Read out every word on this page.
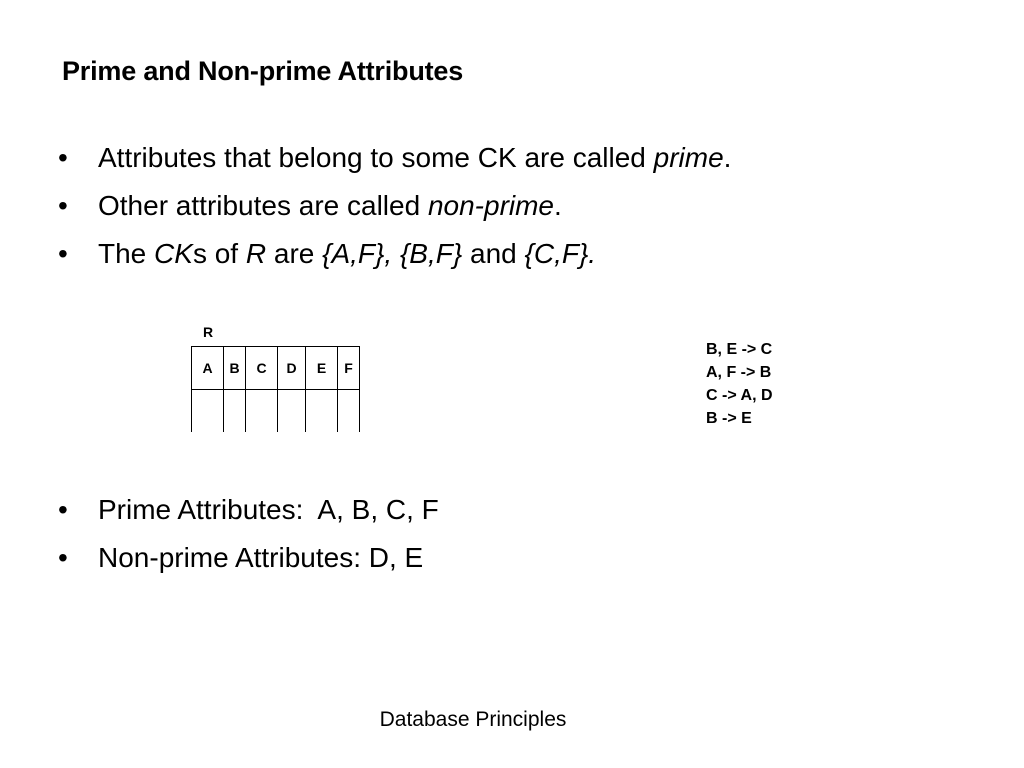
Prime and Non-prime Attributes
• Attributes that belong to some CK are called prime.
• Other attributes are called non-prime.
• The CKs of R are {A,F}, {B,F} and {C,F}.
R
A	B	C	D	E	F

B, E -> C
A, F -> B
C -> A, D
B -> E
• Prime Attributes:  A, B, C, F
• Non-prime Attributes: D, E
Database Principles
